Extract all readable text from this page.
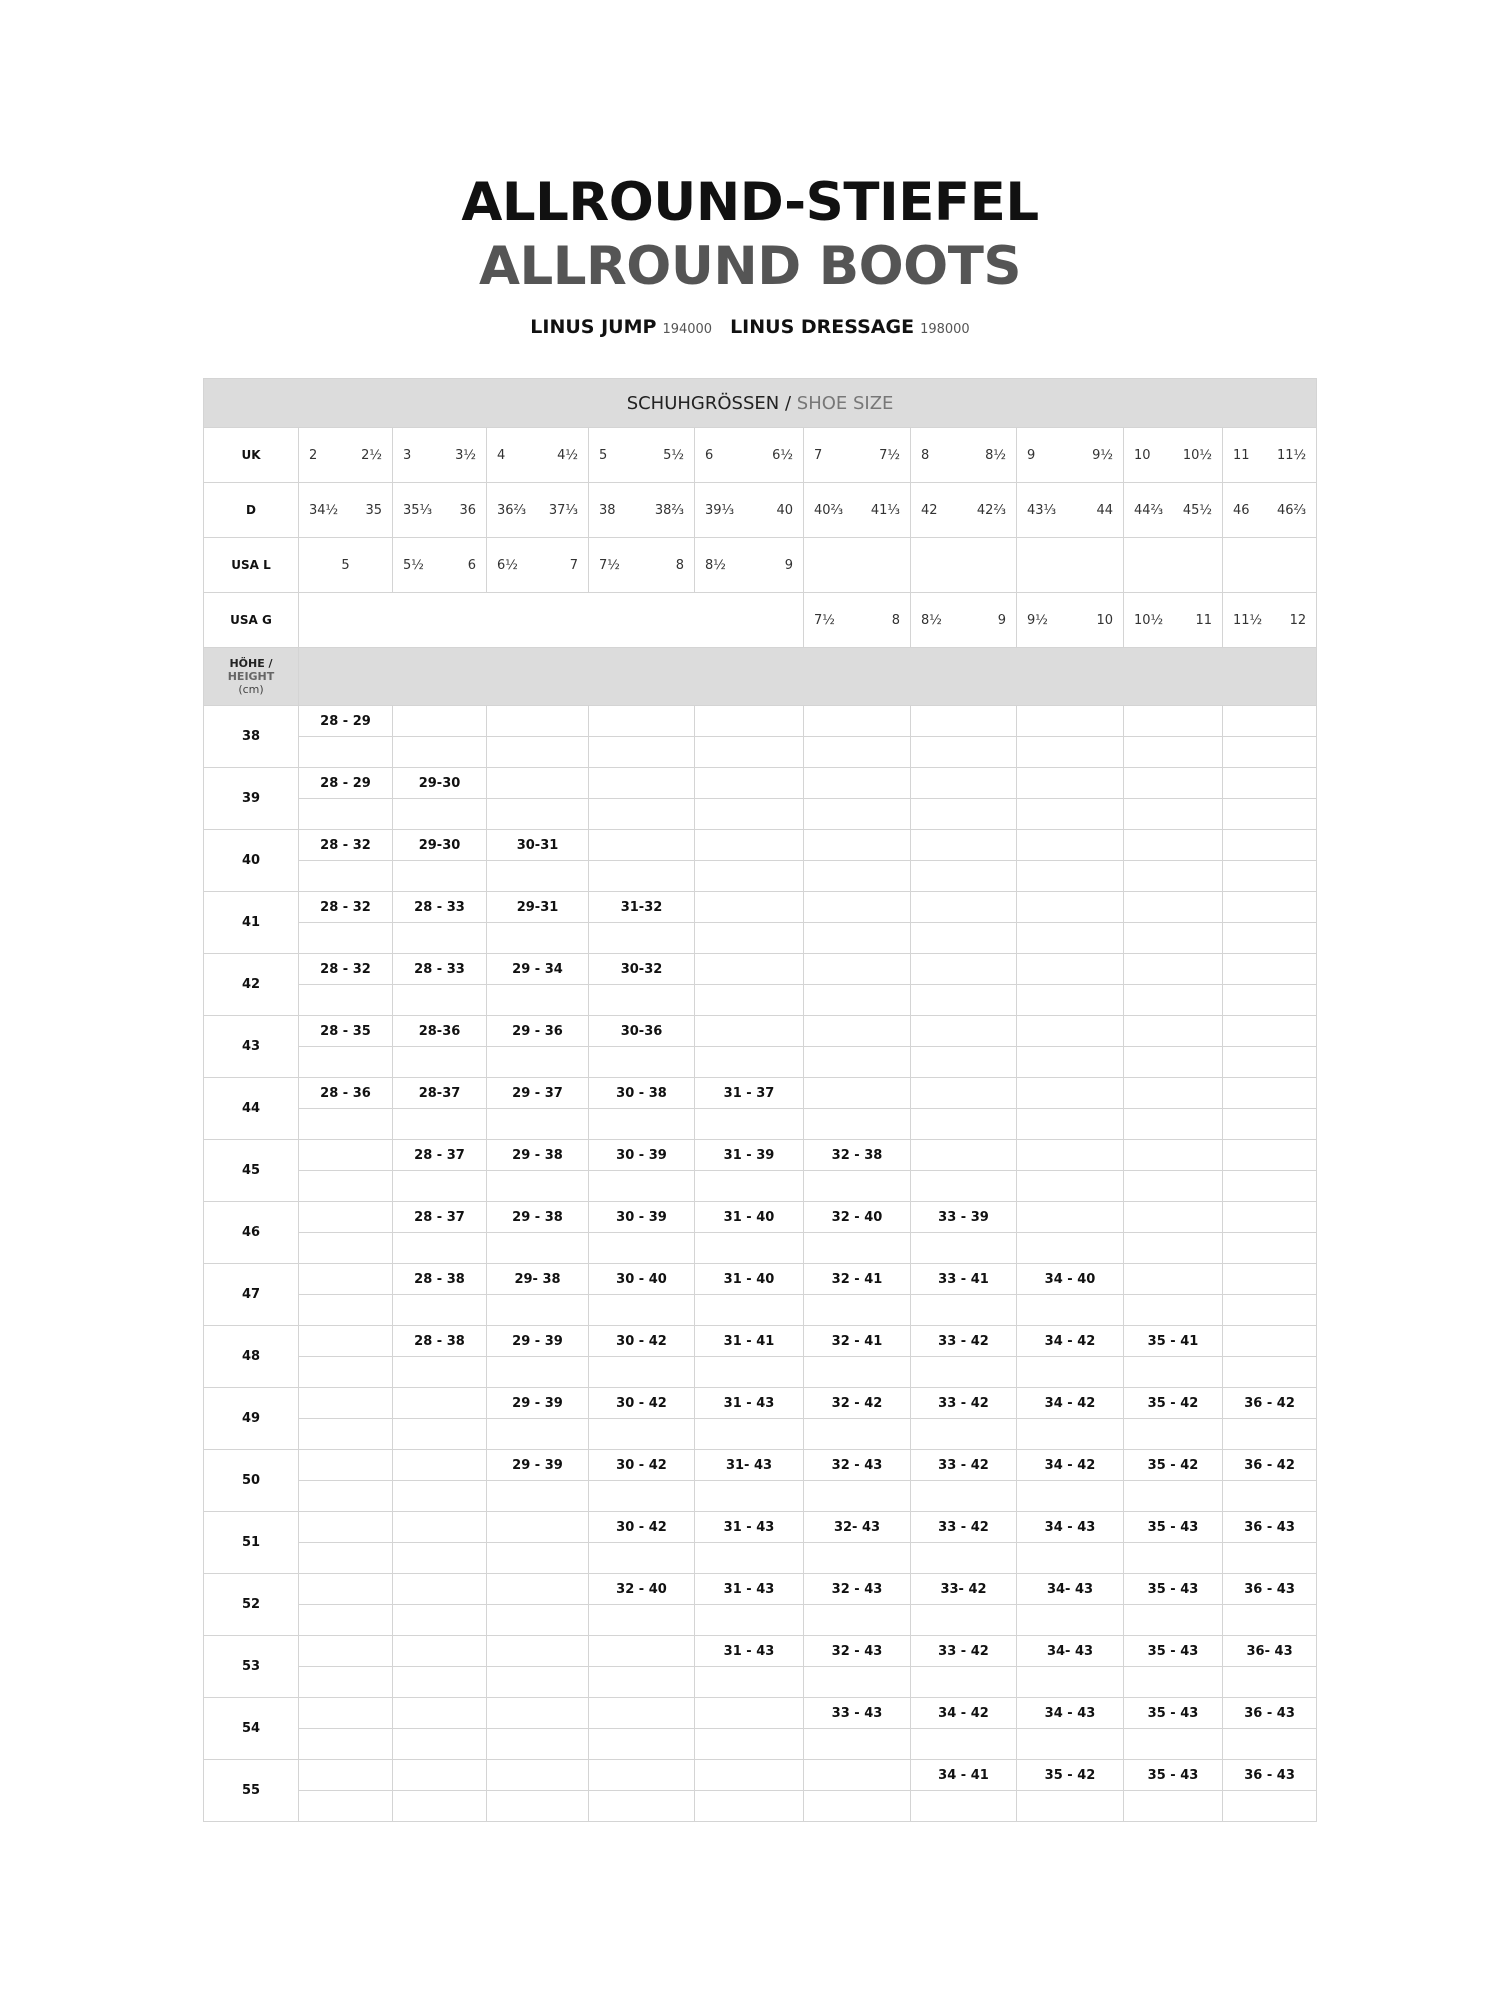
ALLROUND-STIEFEL
ALLROUND BOOTS
LINUS JUMP 194000 LINUS DRESSAGE 198000
SCHUHGRÖSSEN / SHOE SIZE										
UK	2 2½	3 3½	4 4½	5 5½	6 6½	7 7½	8 8½	9 9½	10 10½	11 11½

D	34½ 35	35⅓ 36	36⅔ 37⅓	38 38⅔	39⅓ 40	40⅔ 41⅓	42 42⅔	43⅓ 44	44⅔ 45½	46 46⅔

USA L	5	5½ 6	6½ 7	7½ 8	8½ 9					

USA G						7½ 8	8½ 9	9½ 10	10½ 11	11½ 12

HÖHE /
HEIGHT
(cm)										

38	28 - 29									

39	28 - 29	29-30								

40	28 - 32	29-30	30-31							

41	28 - 32	28 - 33	29-31	31-32						

42	28 - 32	28 - 33	29 - 34	30-32						

43	28 - 35	28-36	29 - 36	30-36						

44	28 - 36	28-37	29 - 37	30 - 38	31 - 37					

45		28 - 37	29 - 38	30 - 39	31 - 39	32 - 38				

46		28 - 37	29 - 38	30 - 39	31 - 40	32 - 40	33 - 39			

47		28 - 38	29- 38	30 - 40	31 - 40	32 - 41	33 - 41	34 - 40		

48		28 - 38	29 - 39	30 - 42	31 - 41	32 - 41	33 - 42	34 - 42	35 - 41	

49			29 - 39	30 - 42	31 - 43	32 - 42	33 - 42	34 - 42	35 - 42	36 - 42

50			29 - 39	30 - 42	31- 43	32 - 43	33 - 42	34 - 42	35 - 42	36 - 42

51				30 - 42	31 - 43	32- 43	33 - 42	34 - 43	35 - 43	36 - 43

52				32 - 40	31 - 43	32 - 43	33- 42	34- 43	35 - 43	36 - 43

53					31 - 43	32 - 43	33 - 42	34- 43	35 - 43	36- 43

54						33 - 43	34 - 42	34 - 43	35 - 43	36 - 43

55							34 - 41	35 - 42	35 - 43	36 - 43
